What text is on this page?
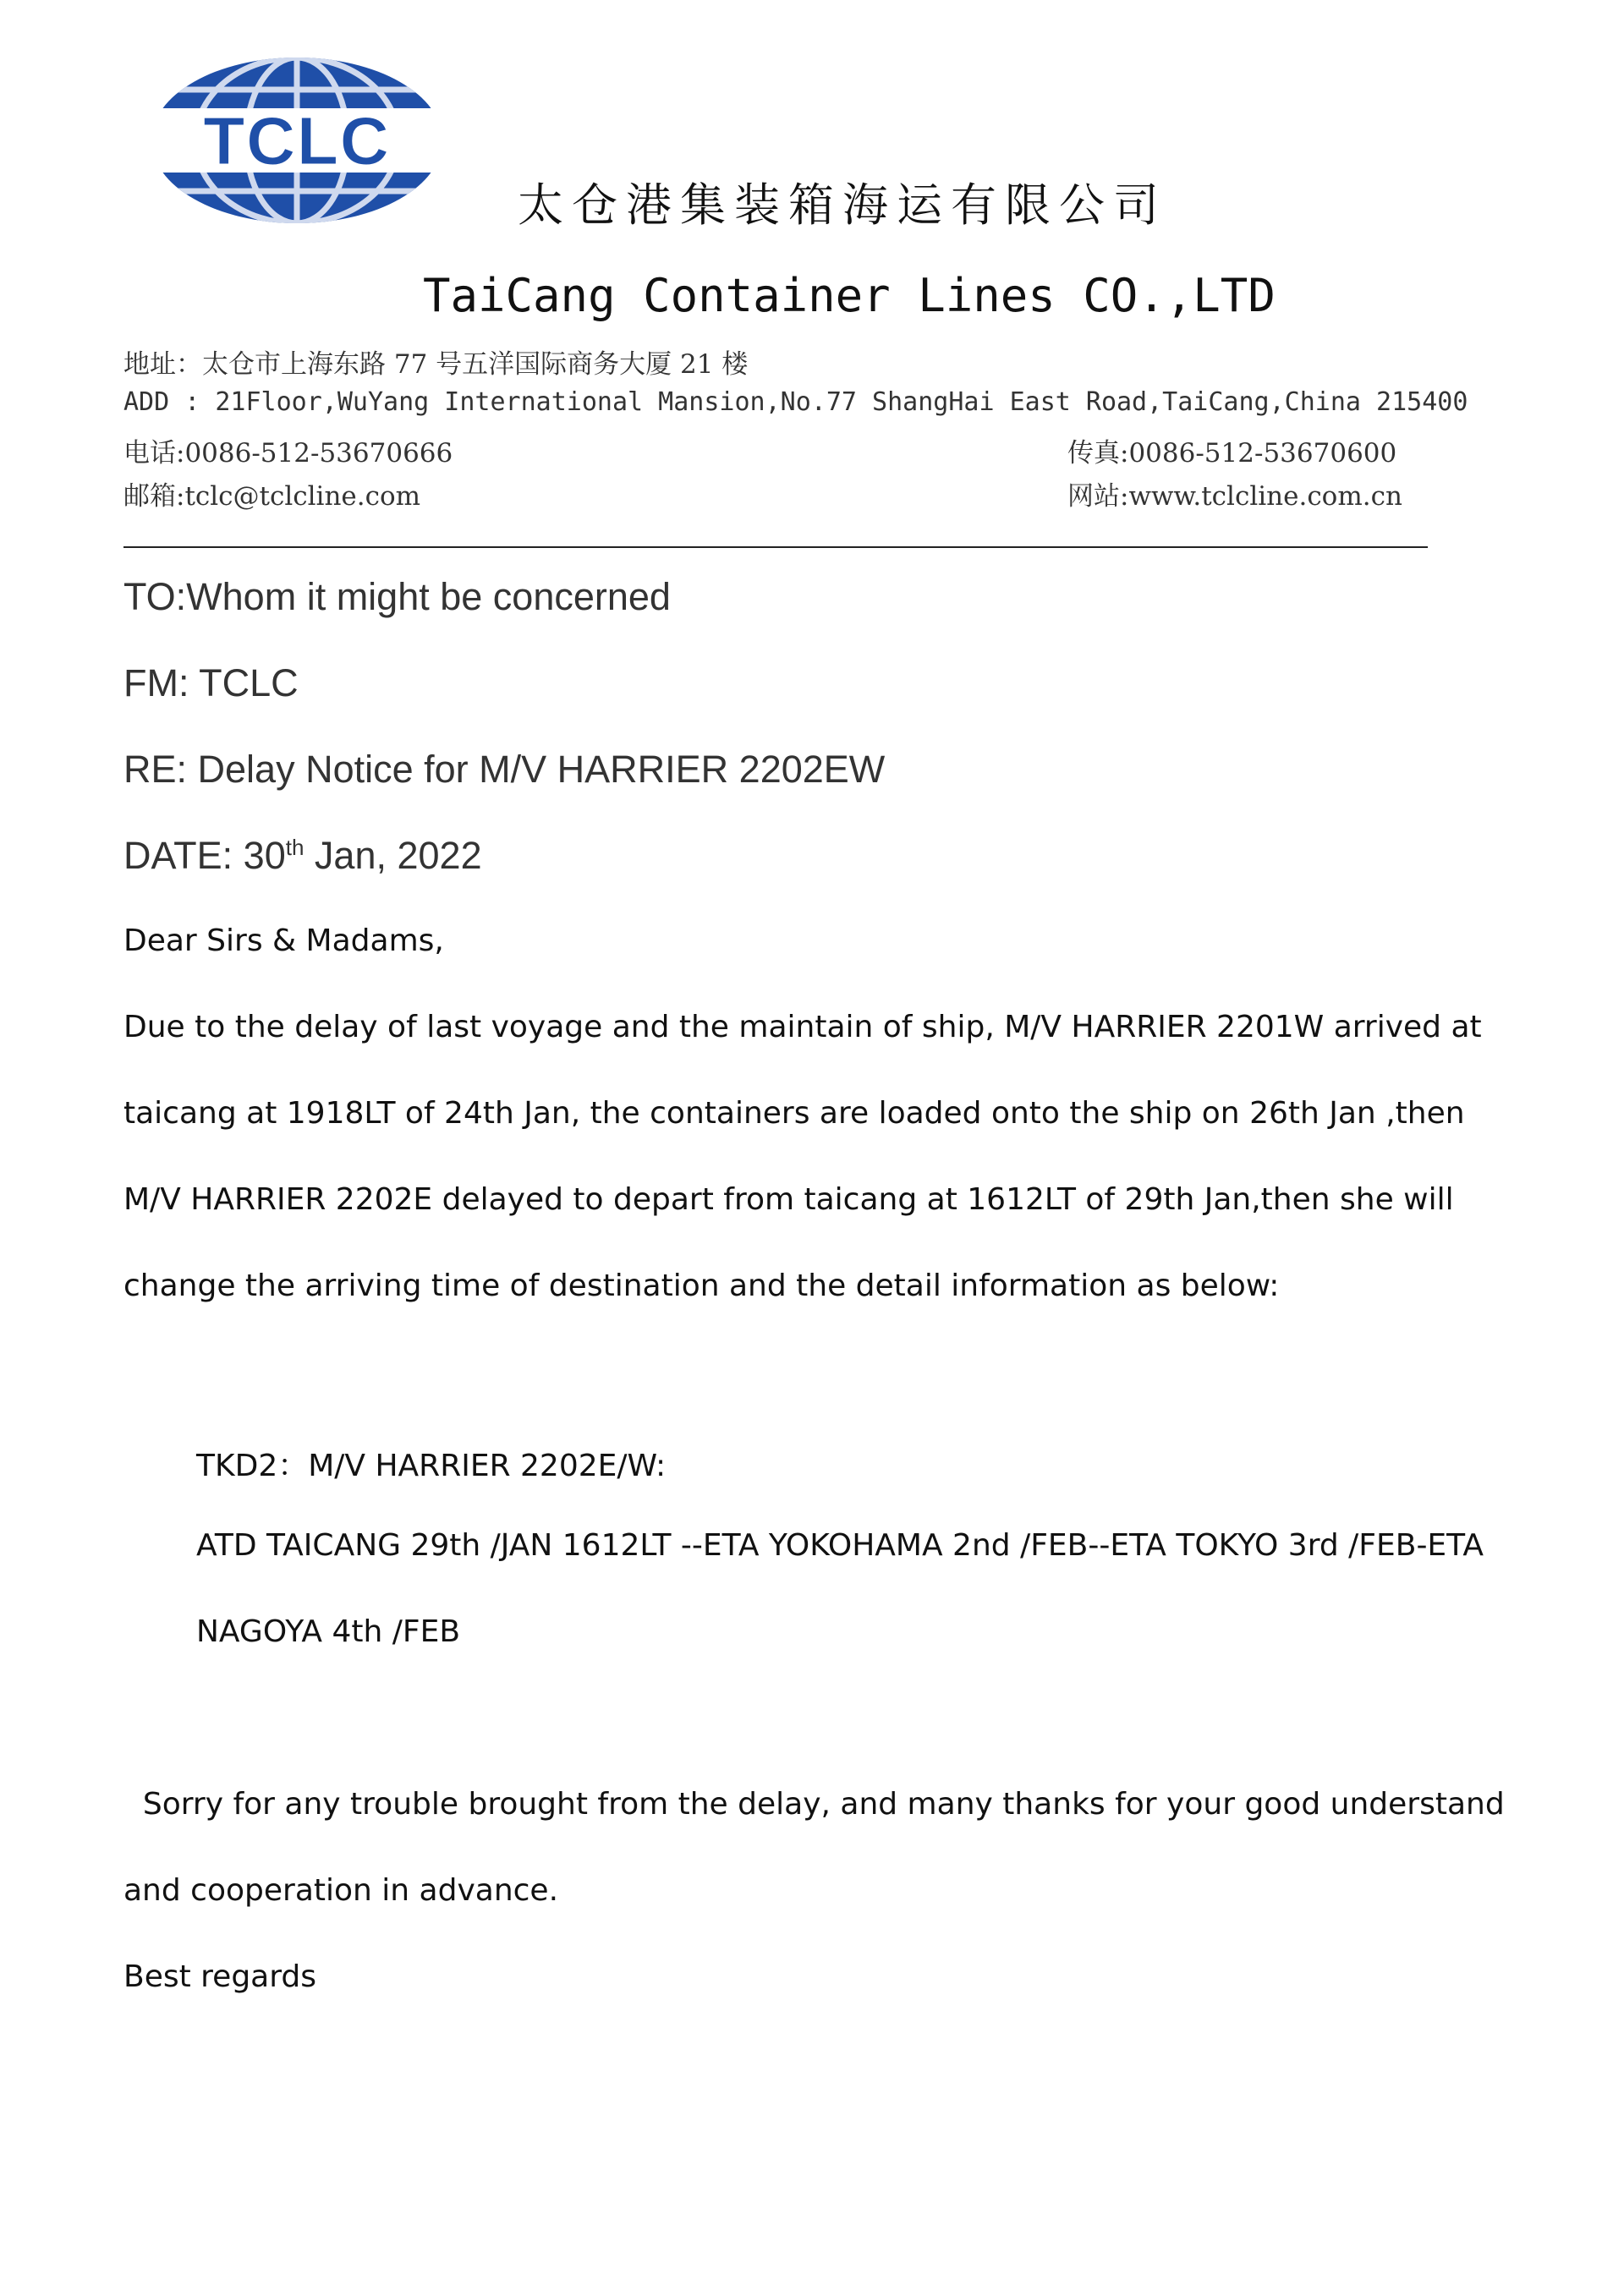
TCLC
太仓港集装箱海运有限公司
TaiCang Container Lines CO.,LTD
地址：太仓市上海东路 77 号五洋国际商务大厦 21 楼
ADD : 21Floor,WuYang International Mansion,No.77 ShangHai East Road,TaiCang,China 215400
电话:0086-512-53670666	传真:0086-512-53670600
邮箱:tclc@tclcline.com	网站:www.tclcline.com.cn
TO:Whom it might be concerned
FM: TCLC
RE: Delay Notice for M/V HARRIER 2202EW
DATE: 30th Jan, 2022
Dear Sirs & Madams,
Due to the delay of last voyage and the maintain of ship, M/V HARRIER 2201W arrived at
taicang at 1918LT of 24th Jan, the containers are loaded onto the ship on 26th Jan ,then
M/V HARRIER 2202E delayed to depart from taicang at 1612LT of 29th Jan,then she will
change the arriving time of destination and the detail information as below:
TKD2：M/V HARRIER 2202E/W:
ATD TAICANG 29th /JAN 1612LT --ETA YOKOHAMA 2nd /FEB--ETA TOKYO 3rd /FEB-ETA
NAGOYA 4th /FEB
Sorry for any trouble brought from the delay, and many thanks for your good understand
and cooperation in advance.
Best regards
